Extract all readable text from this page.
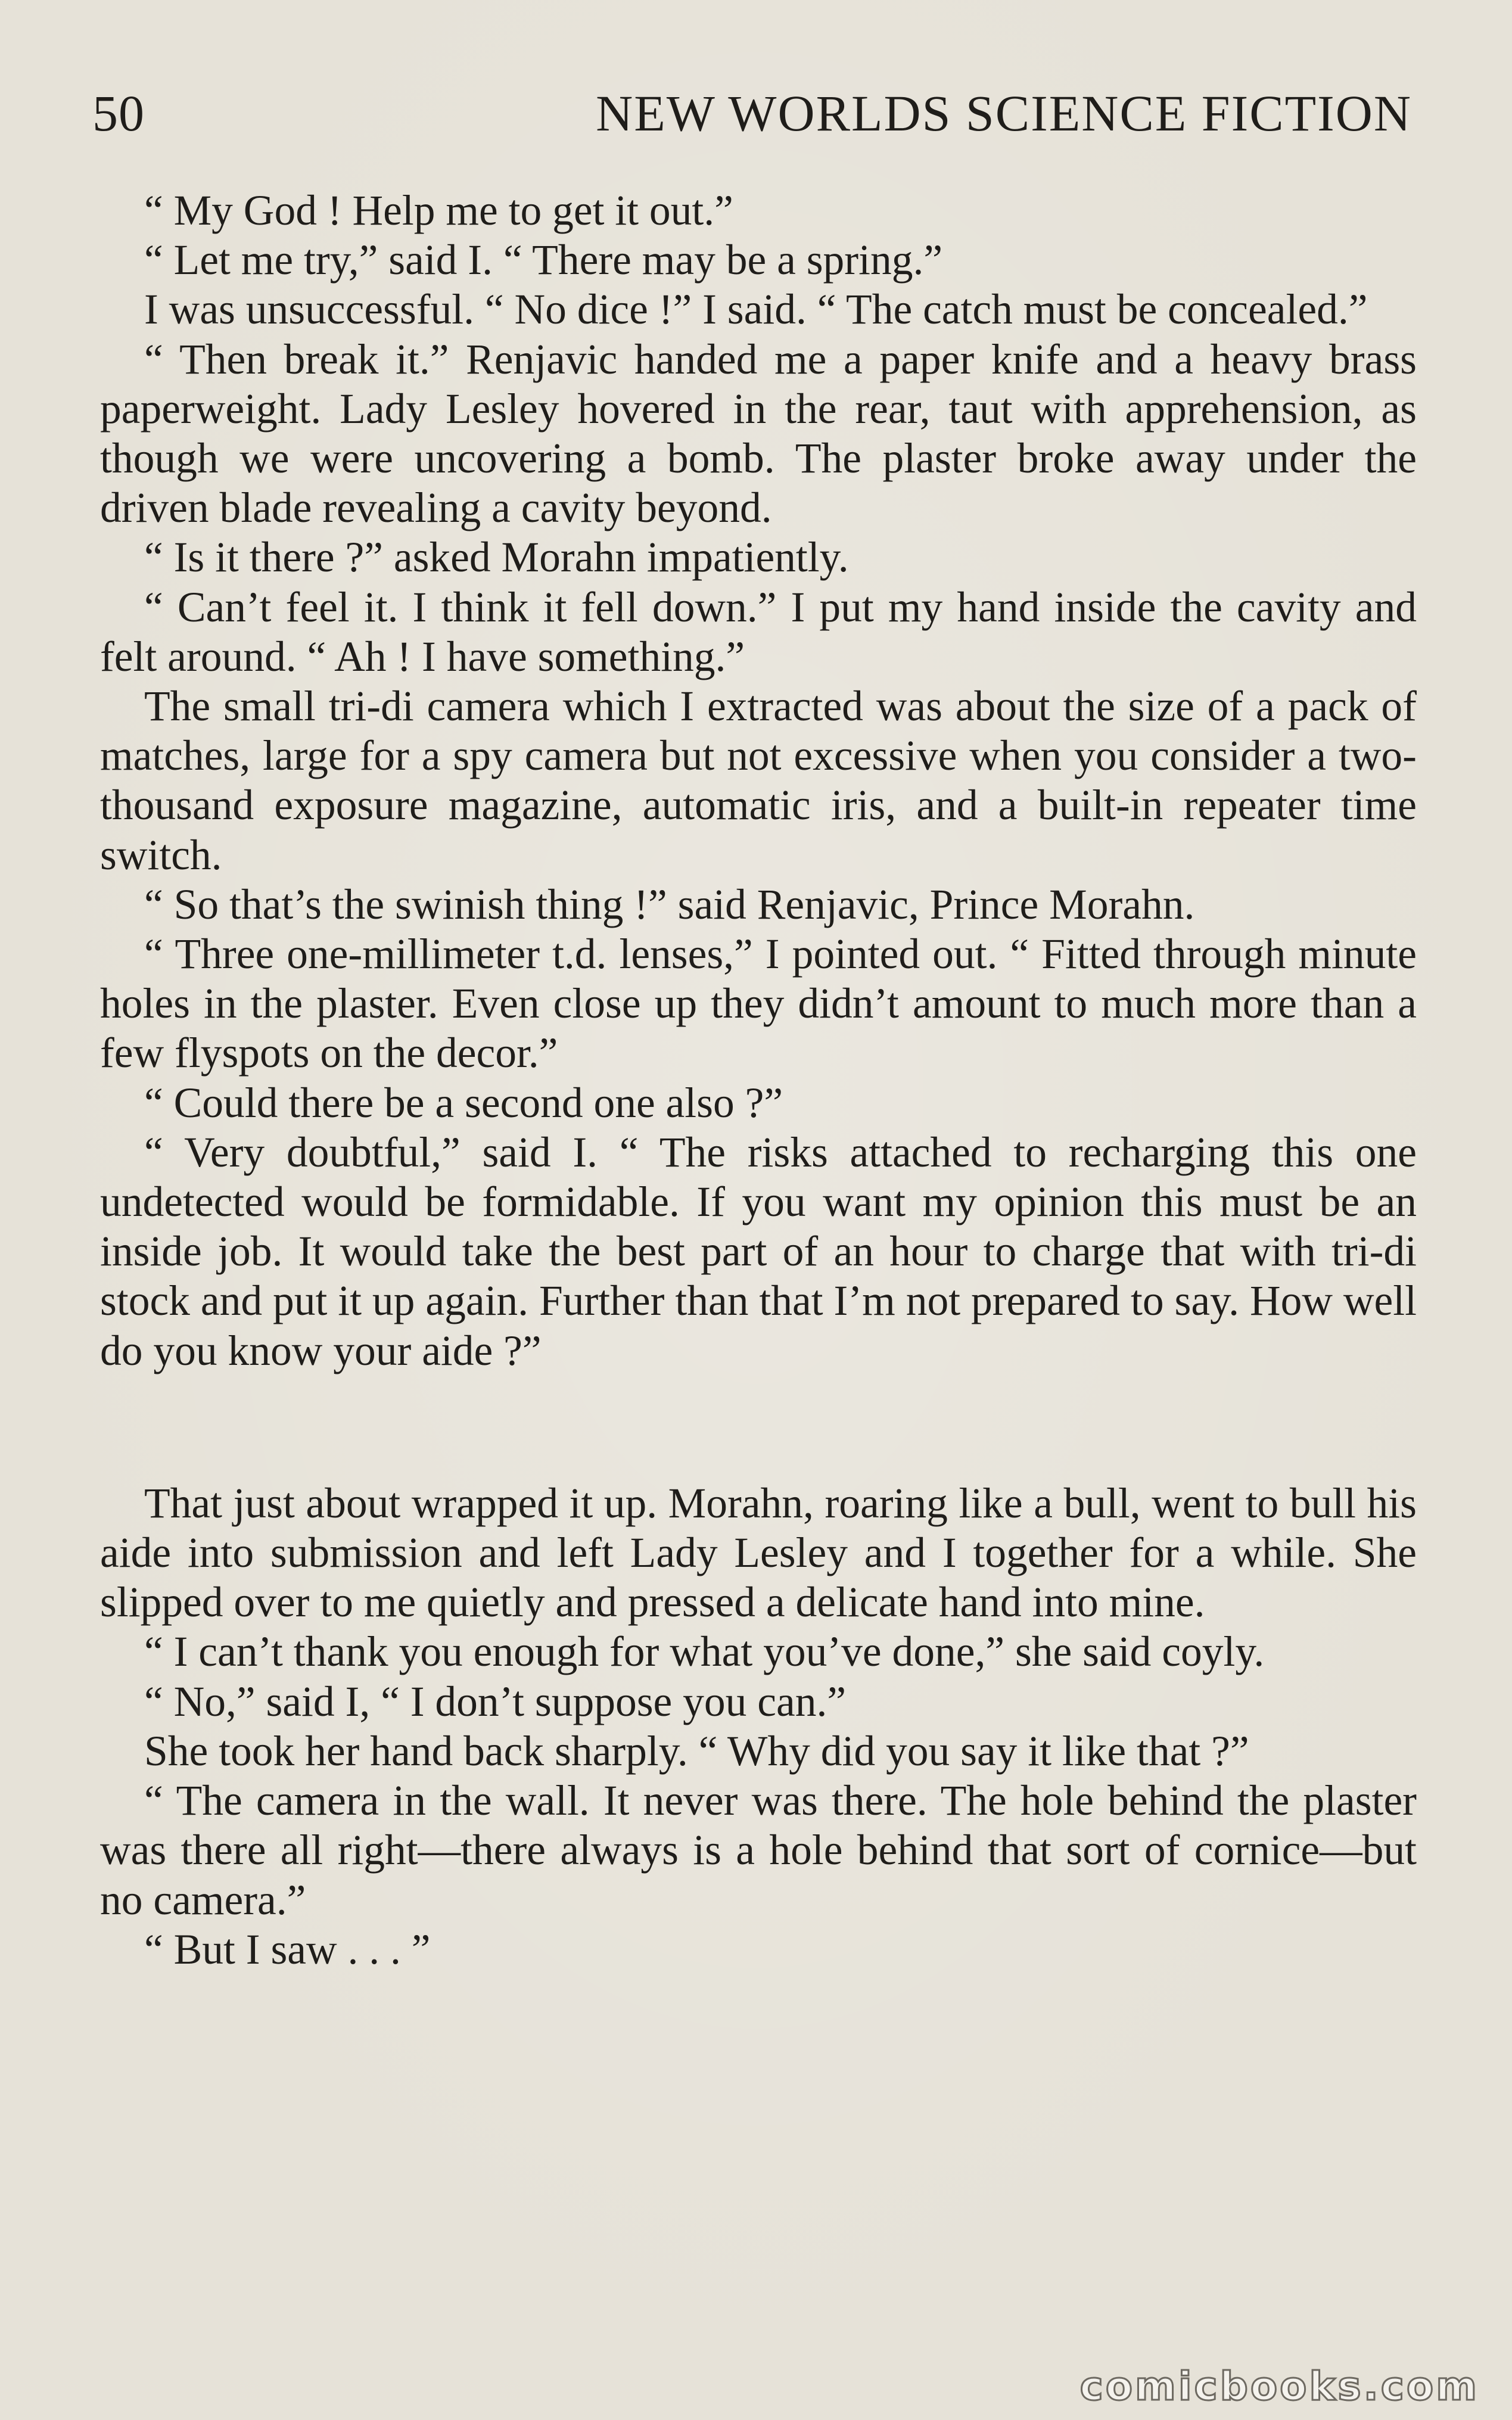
50	NEW WORLDS SCIENCE FICTION

“ My God ! Help me to get it out.”

“ Let me try,” said I. “ There may be a spring.”

I was unsuccessful. “ No dice !” I said. “ The catch must be concealed.”

“ Then break it.” Renjavic handed me a paper knife and a heavy brass paperweight. Lady Lesley hovered in the rear, taut with apprehension, as though we were uncovering a bomb. The plaster broke away under the driven blade revealing a cavity beyond.

“ Is it there ?” asked Morahn impatiently.

“ Can’t feel it. I think it fell down.” I put my hand inside the cavity and felt around. “ Ah ! I have something.”

The small tri-di camera which I extracted was about the size of a pack of matches, large for a spy camera but not excessive when you consider a two-thousand exposure magazine, automatic iris, and a built-in repeater time switch.

“ So that’s the swinish thing !” said Renjavic, Prince Morahn.

“ Three one-millimeter t.d. lenses,” I pointed out. “ Fitted through minute holes in the plaster. Even close up they didn’t amount to much more than a few flyspots on the decor.”

“ Could there be a second one also ?”

“ Very doubtful,” said I. “ The risks attached to recharging this one undetected would be formidable. If you want my opinion this must be an inside job. It would take the best part of an hour to charge that with tri-di stock and put it up again. Further than that I’m not prepared to say. How well do you know your aide ?”

That just about wrapped it up. Morahn, roaring like a bull, went to bull his aide into submission and left Lady Lesley and I together for a while. She slipped over to me quietly and pressed a delicate hand into mine.

“ I can’t thank you enough for what you’ve done,” she said coyly.

“ No,” said I, “ I don’t suppose you can.”

She took her hand back sharply. “ Why did you say it like that ?”

“ The camera in the wall. It never was there. The hole behind the plaster was there all right—there always is a hole behind that sort of cornice—but no camera.”

“ But I saw . . . ”

comicbooks.com
